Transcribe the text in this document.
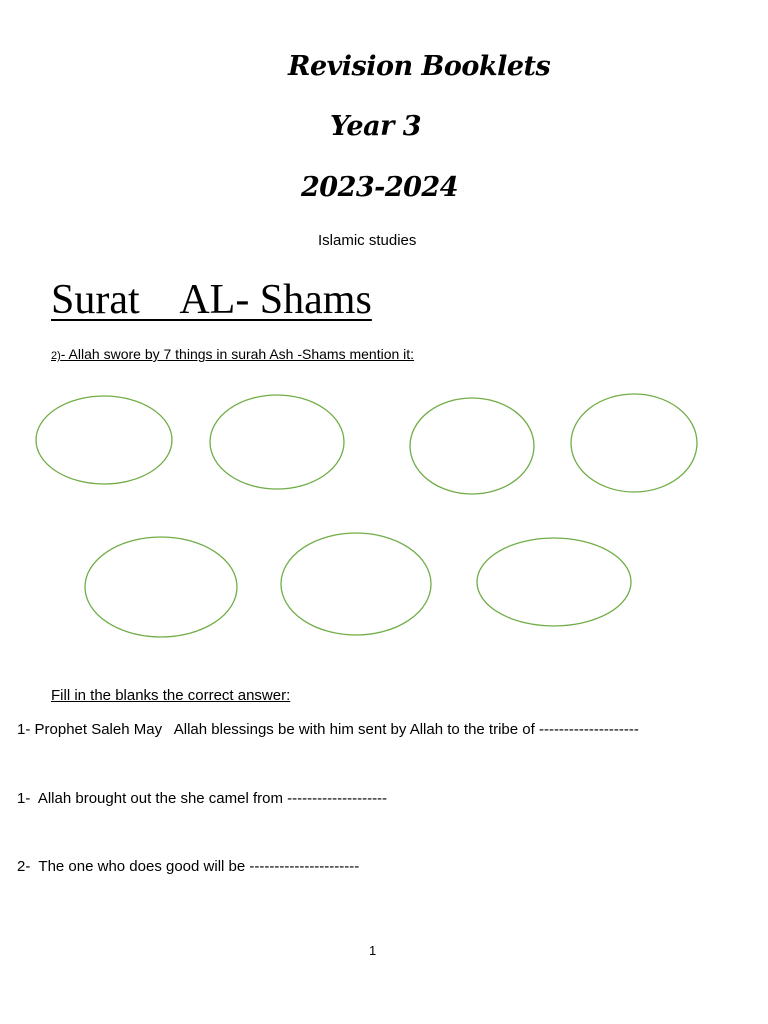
Revision Booklets
Year 3
2023-2024
Islamic studies
Surat    AL- Shams
2)- Allah swore by 7 things in surah Ash -Shams mention it:
Fill in the blanks the correct answer:
1- Prophet Saleh May   Allah blessings be with him sent by Allah to the tribe of --------------------
1-  Allah brought out the she camel from --------------------
2-  The one who does good will be ----------------------
1
